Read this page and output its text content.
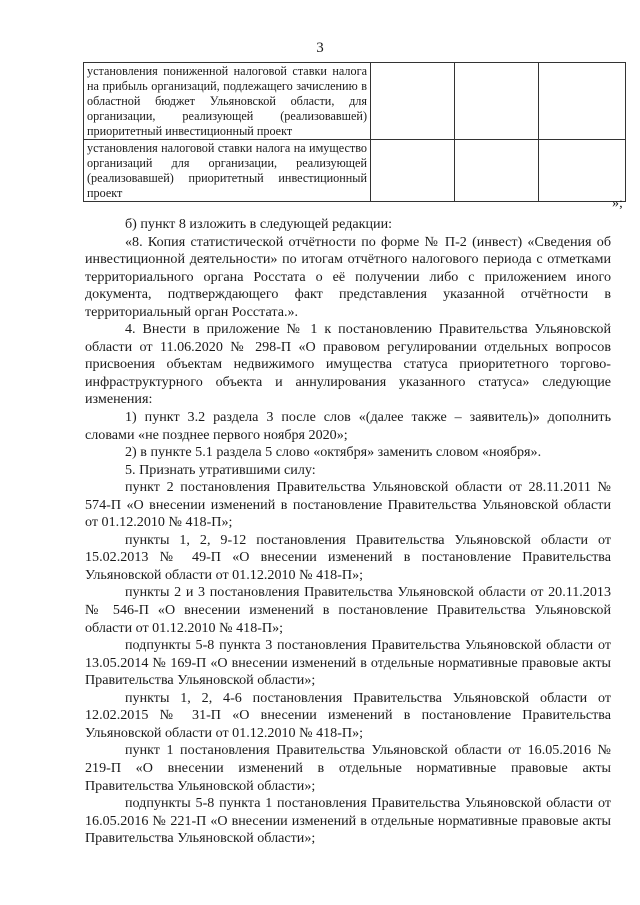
3
установления пониженной налоговой ставки налога на прибыль организаций, подлежащего зачислению в областной бюджет Ульяновской области, для организации, реализующей (реализовавшей) приоритетный инвестиционный проект			

установления налоговой ставки налога на имущество организаций для организации, реализующей (реализовавшей) приоритетный инвестиционный проект			

»;

б) пункт 8 изложить в следующей редакции:

«8. Копия статистической отчётности по форме № П-2 (инвест) «Сведения об инвестиционной деятельности» по итогам отчётного налогового периода с отметками территориального органа Росстата о её получении либо с приложением иного документа, подтверждающего факт представления указанной отчётности в территориальный орган Росстата.».

4. Внести в приложение № 1 к постановлению Правительства Ульяновской области от 11.06.2020 № 298-П «О правовом регулировании отдельных вопросов присвоения объектам недвижимого имущества статуса приоритетного торгово-инфраструктурного объекта и аннулирования указанного статуса» следующие изменения:

1) пункт 3.2 раздела 3 после слов «(далее также – заявитель)» дополнить словами «не позднее первого ноября 2020»;

2) в пункте 5.1 раздела 5 слово «октября» заменить словом «ноября».

5. Признать утратившими силу:

пункт 2 постановления Правительства Ульяновской области от 28.11.2011 № 574-П «О внесении изменений в постановление Правительства Ульяновской области от 01.12.2010 № 418-П»;

пункты 1, 2, 9-12 постановления Правительства Ульяновской области от 15.02.2013 № 49-П «О внесении изменений в постановление Правительства Ульяновской области от 01.12.2010 № 418-П»;

пункты 2 и 3 постановления Правительства Ульяновской области от 20.11.2013 № 546-П «О внесении изменений в постановление Правительства Ульяновской области от 01.12.2010 № 418-П»;

подпункты 5-8 пункта 3 постановления Правительства Ульяновской области от 13.05.2014 № 169-П «О внесении изменений в отдельные нормативные правовые акты Правительства Ульяновской области»;

пункты 1, 2, 4-6 постановления Правительства Ульяновской области от 12.02.2015 № 31-П «О внесении изменений в постановление Правительства Ульяновской области от 01.12.2010 № 418-П»;

пункт 1 постановления Правительства Ульяновской области от 16.05.2016 № 219-П «О внесении изменений в отдельные нормативные правовые акты Правительства Ульяновской области»;

подпункты 5-8 пункта 1 постановления Правительства Ульяновской области от 16.05.2016 № 221-П «О внесении изменений в отдельные нормативные правовые акты Правительства Ульяновской области»;
